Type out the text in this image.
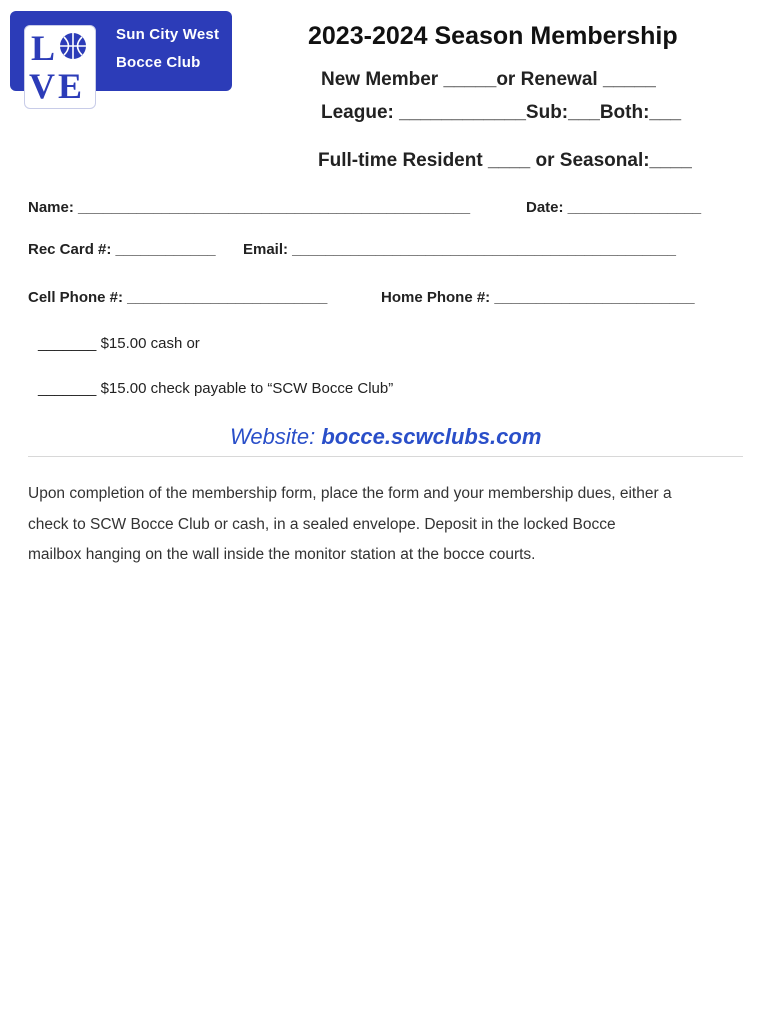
Sun City West
Bocce Club
L
V E
2023-2024 Season Membership
New Member _____or Renewal _____
League: ____________Sub:___Both:___
Full-time Resident ____ or Seasonal:____
Name: _______________________________________________	Date: ________________
Rec Card #: ____________ Email: ______________________________________________
Cell Phone #: ________________________	Home Phone #: ________________________
_______ $15.00 cash or
_______ $15.00 check payable to “SCW Bocce Club”
Website: bocce.scwclubs.com
Upon completion of the membership form, place the form and your membership dues, either a
check to SCW Bocce Club or cash, in a sealed envelope. Deposit in the locked Bocce
mailbox hanging on the wall inside the monitor station at the bocce courts.
